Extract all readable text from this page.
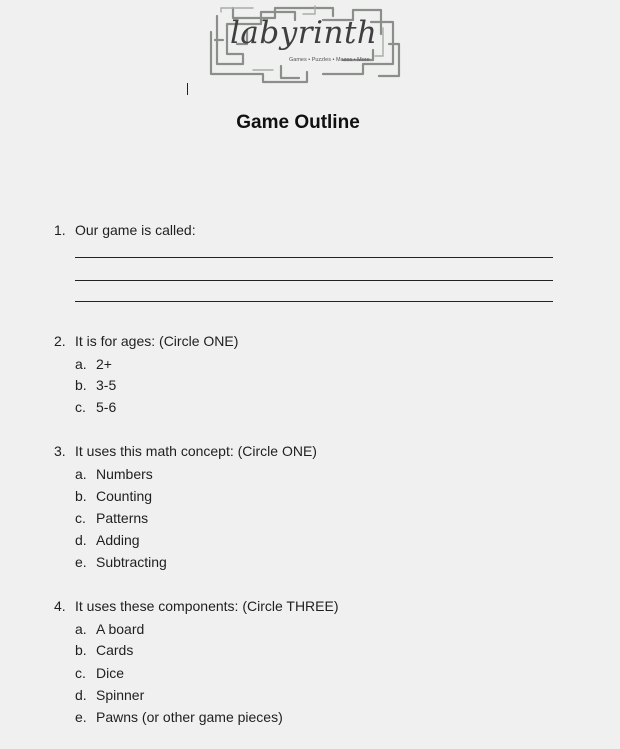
labyrinth
Games • Puzzles • Mazes • More
Game Outline
1. Our game is called:
2. It is for ages: (Circle ONE)
a. 2+
b. 3-5
c. 5-6
3. It uses this math concept: (Circle ONE)
a. Numbers
b. Counting
c. Patterns
d. Adding
e. Subtracting
4. It uses these components: (Circle THREE)
a. A board
b. Cards
c. Dice
d. Spinner
e. Pawns (or other game pieces)
